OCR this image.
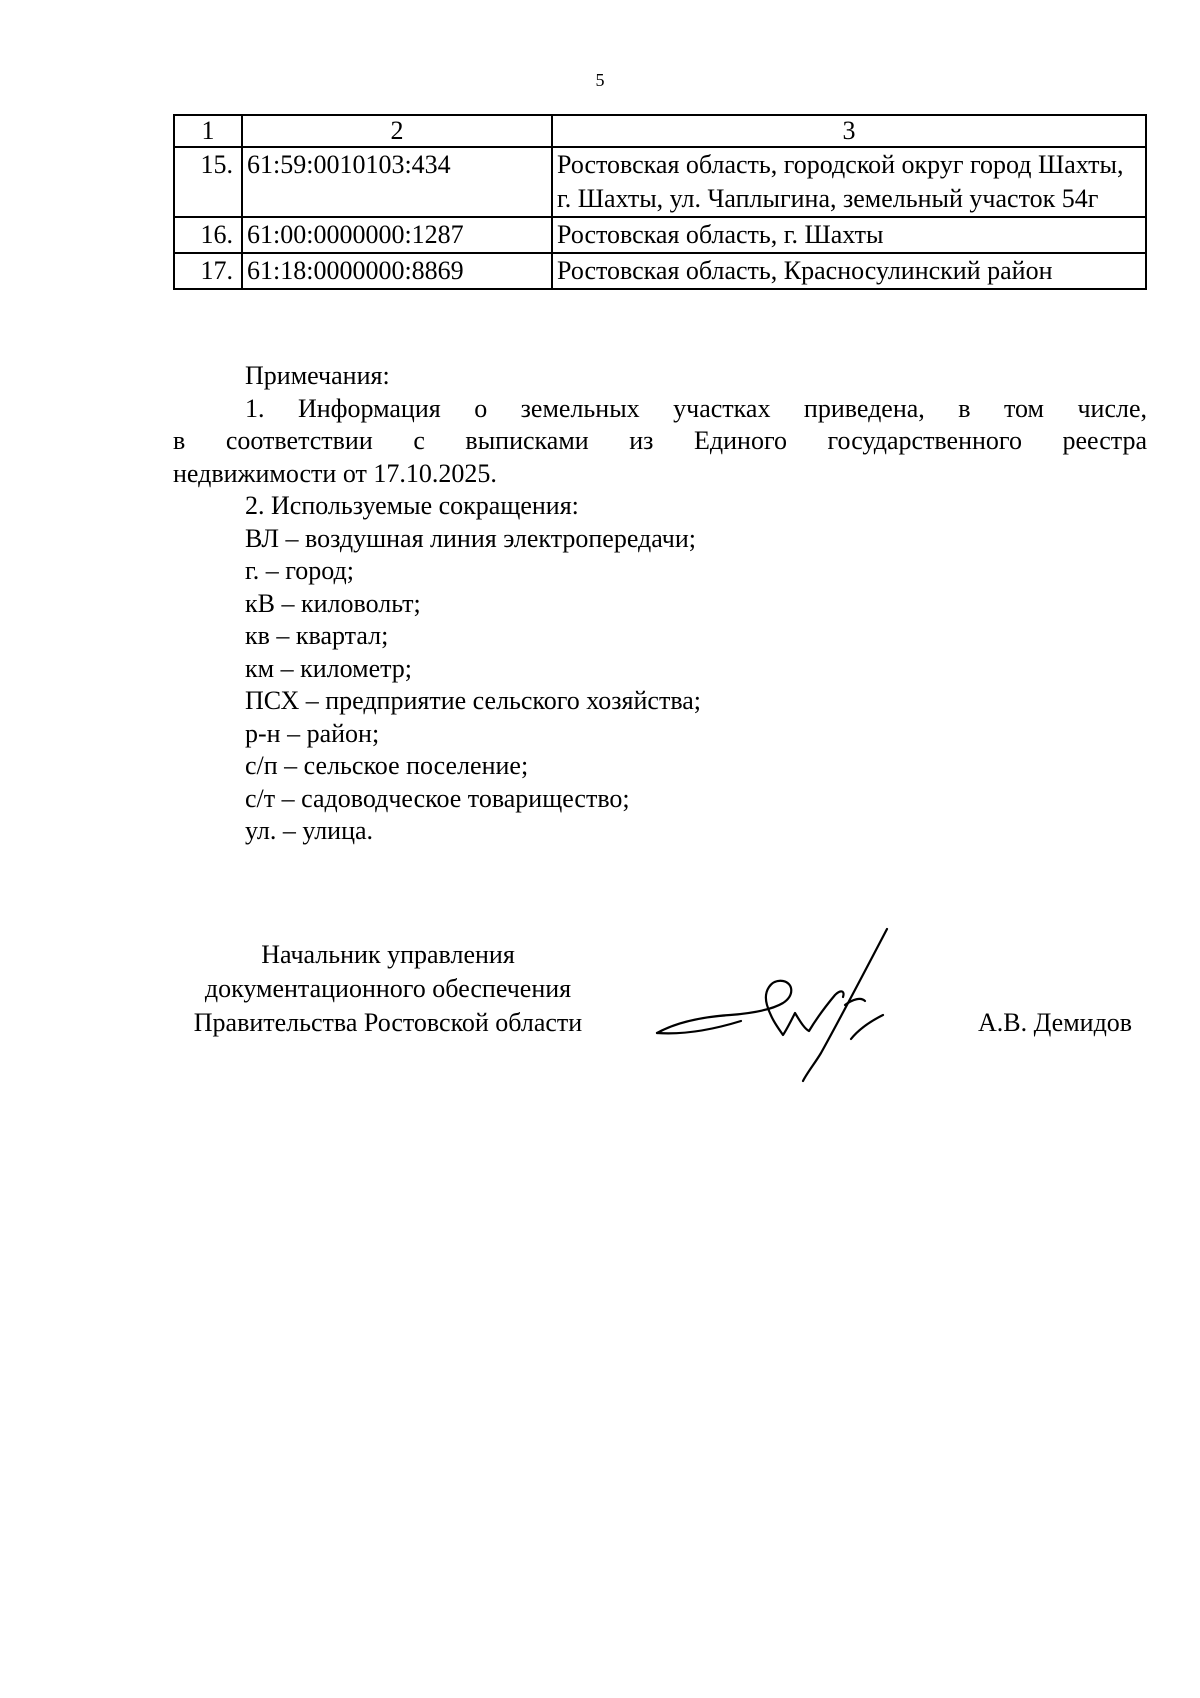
5
1	2	3
15.	61:59:0010103:434	Ростовская область, городской округ город Шахты, г. Шахты, ул. Чаплыгина, земельный участок 54г
16.	61:00:0000000:1287	Ростовская область, г. Шахты
17.	61:18:0000000:8869	Ростовская область, Красносулинский район

Примечания:

1. Информация о земельных участках приведена, в том числе,

в соответствии с выписками из Единого государственного реестра

недвижимости от 17.10.2025.

2. Используемые сокращения:

ВЛ – воздушная линия электропередачи;

г. – город;

кВ – киловольт;

кв – квартал;

км – километр;

ПСХ – предприятие сельского хозяйства;

р-н – район;

с/п – сельское поселение;

с/т – садоводческое товарищество;

ул. – улица.

Начальник управления

документационного обеспечения

Правительства Ростовской области	А.В. Демидов
